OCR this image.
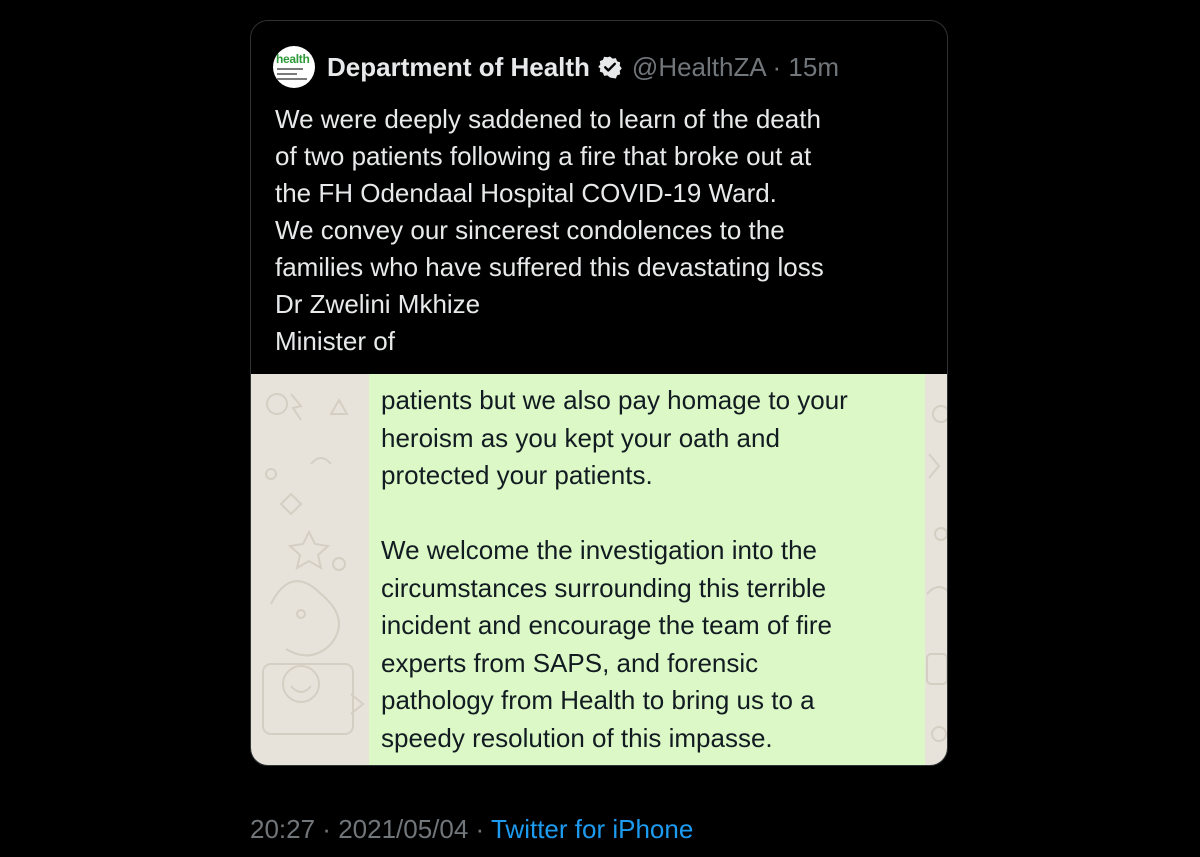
health Department of Health @HealthZA · 15m
We were deeply saddened to learn of the death
of two patients following a fire that broke out at
the FH Odendaal Hospital COVID-19 Ward.
We convey our sincerest condolences to the
families who have suffered this devastating loss
Dr Zwelini Mkhize
Minister of
patients but we also pay homage to your
heroism as you kept your oath and
protected your patients.
We welcome the investigation into the
circumstances surrounding this terrible
incident and encourage the team of fire
experts from SAPS, and forensic
pathology from Health to bring us to a
speedy resolution of this impasse.
20:27 · 2021/05/04 · Twitter for iPhone
